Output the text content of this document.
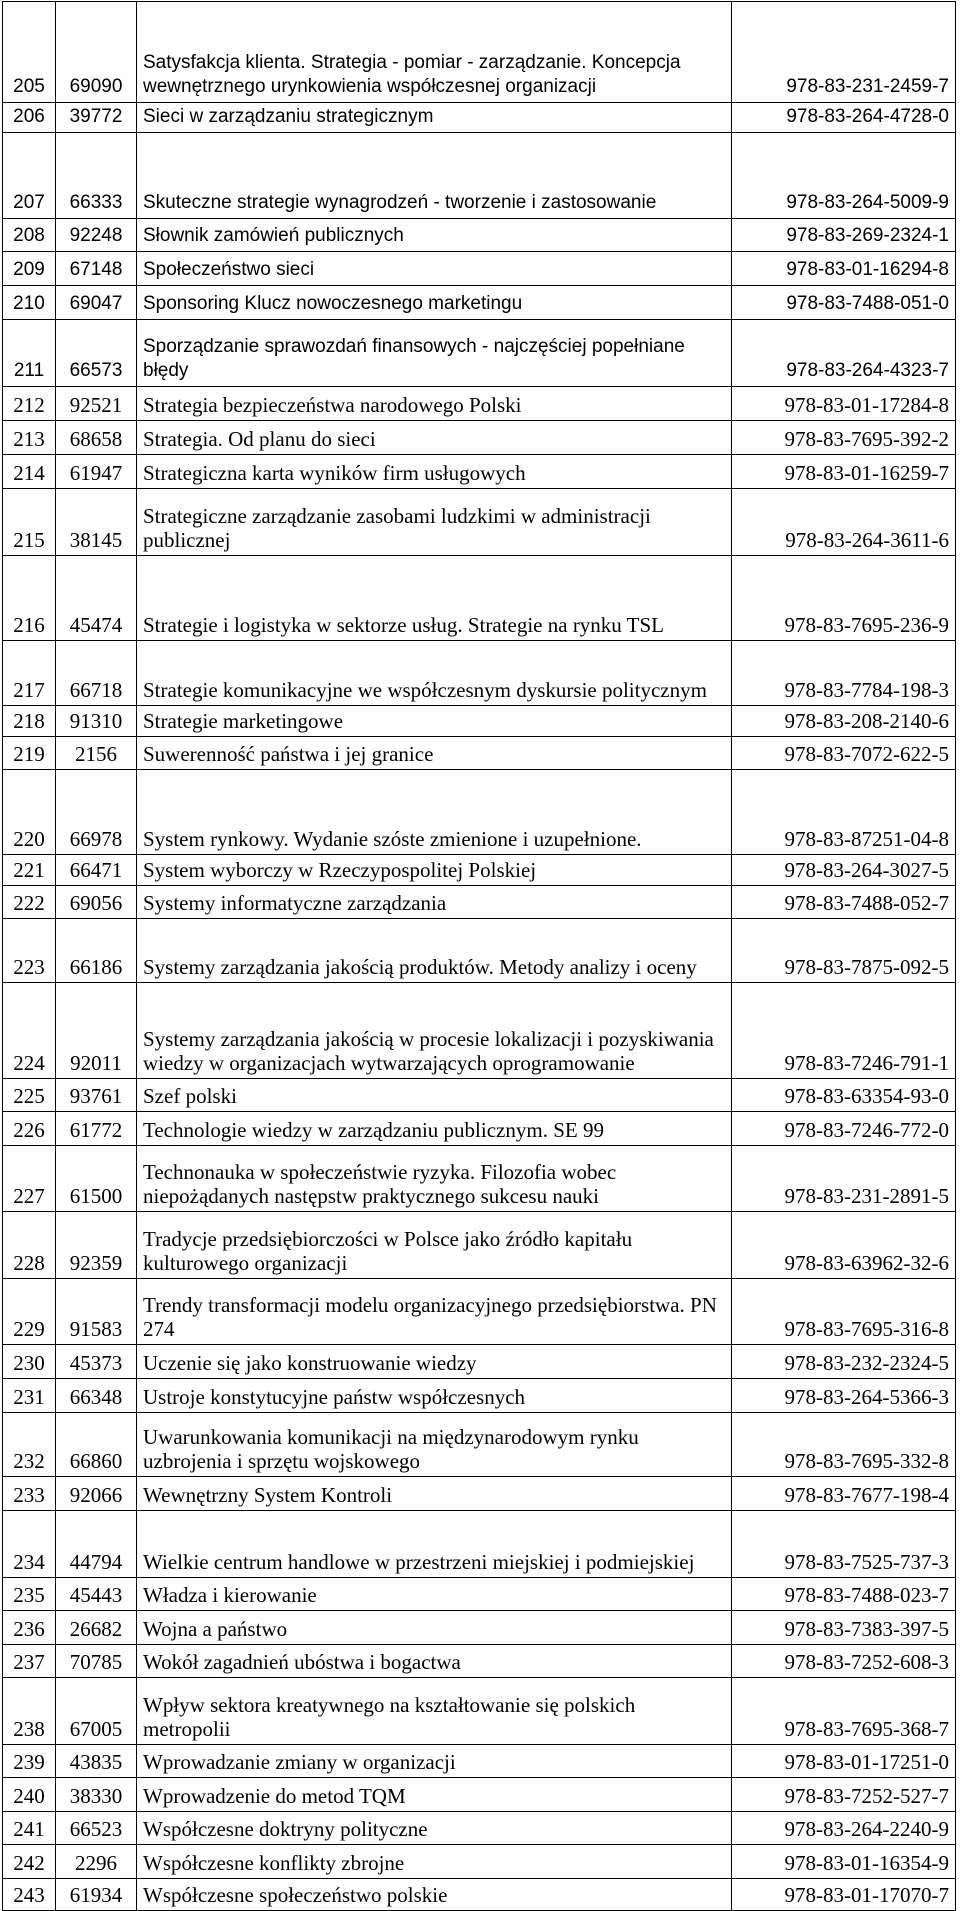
205	69090	Satysfakcja klienta. Strategia - pomiar - zarządzanie. Koncepcja wewnętrznego urynkowienia współczesnej organizacji	978-83-231-2459-7
206	39772	Sieci w zarządzaniu strategicznym	978-83-264-4728-0
207	66333	Skuteczne strategie wynagrodzeń - tworzenie i zastosowanie	978-83-264-5009-9
208	92248	Słownik zamówień publicznych	978-83-269-2324-1
209	67148	Społeczeństwo sieci	978-83-01-16294-8
210	69047	Sponsoring Klucz nowoczesnego marketingu	978-83-7488-051-0
211	66573	Sporządzanie sprawozdań finansowych - najczęściej popełniane błędy	978-83-264-4323-7
212	92521	Strategia bezpieczeństwa narodowego Polski	978-83-01-17284-8
213	68658	Strategia. Od planu do sieci	978-83-7695-392-2
214	61947	Strategiczna karta wyników firm usługowych	978-83-01-16259-7
215	38145	Strategiczne zarządzanie zasobami ludzkimi w administracji publicznej	978-83-264-3611-6
216	45474	Strategie i logistyka w sektorze usług. Strategie na rynku TSL	978-83-7695-236-9
217	66718	Strategie komunikacyjne we współczesnym dyskursie politycznym	978-83-7784-198-3
218	91310	Strategie marketingowe	978-83-208-2140-6
219	2156	Suwerenność państwa i jej granice	978-83-7072-622-5
220	66978	System rynkowy. Wydanie szóste zmienione i uzupełnione.	978-83-87251-04-8
221	66471	System wyborczy w Rzeczypospolitej Polskiej	978-83-264-3027-5
222	69056	Systemy informatyczne zarządzania	978-83-7488-052-7
223	66186	Systemy zarządzania jakością produktów. Metody analizy i oceny	978-83-7875-092-5
224	92011	Systemy zarządzania jakością w procesie lokalizacji i pozyskiwania wiedzy w organizacjach wytwarzających oprogramowanie	978-83-7246-791-1
225	93761	Szef polski	978-83-63354-93-0
226	61772	Technologie wiedzy w zarządzaniu publicznym. SE 99	978-83-7246-772-0
227	61500	Technonauka w społeczeństwie ryzyka. Filozofia wobec niepożądanych następstw praktycznego sukcesu nauki	978-83-231-2891-5
228	92359	Tradycje przedsiębiorczości w Polsce jako źródło kapitału kulturowego organizacji	978-83-63962-32-6
229	91583	Trendy transformacji modelu organizacyjnego przedsiębiorstwa. PN 274	978-83-7695-316-8
230	45373	Uczenie się jako konstruowanie wiedzy	978-83-232-2324-5
231	66348	Ustroje konstytucyjne państw współczesnych	978-83-264-5366-3
232	66860	Uwarunkowania komunikacji na międzynarodowym rynku uzbrojenia i sprzętu wojskowego	978-83-7695-332-8
233	92066	Wewnętrzny System Kontroli	978-83-7677-198-4
234	44794	Wielkie centrum handlowe w przestrzeni miejskiej i podmiejskiej	978-83-7525-737-3
235	45443	Władza i kierowanie	978-83-7488-023-7
236	26682	Wojna a państwo	978-83-7383-397-5
237	70785	Wokół zagadnień ubóstwa i bogactwa	978-83-7252-608-3
238	67005	Wpływ sektora kreatywnego na kształtowanie się polskich metropolii	978-83-7695-368-7
239	43835	Wprowadzanie zmiany w organizacji	978-83-01-17251-0
240	38330	Wprowadzenie do metod TQM	978-83-7252-527-7
241	66523	Współczesne doktryny polityczne	978-83-264-2240-9
242	2296	Współczesne konflikty zbrojne	978-83-01-16354-9
243	61934	Współczesne społeczeństwo polskie	978-83-01-17070-7
